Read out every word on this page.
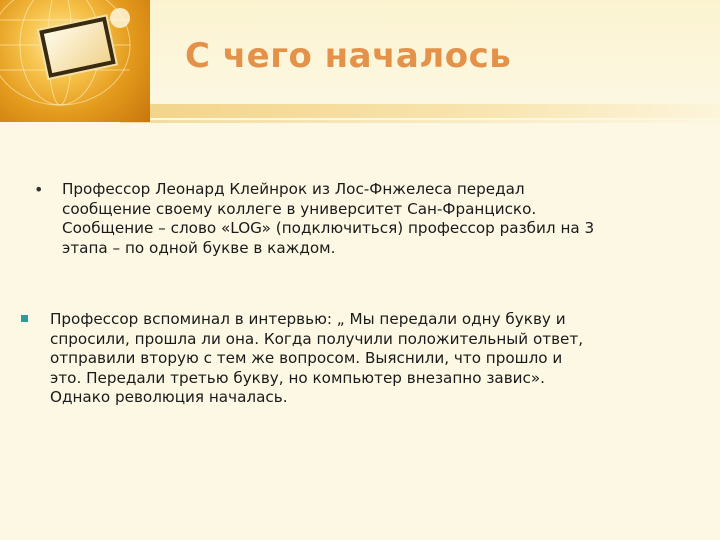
С чего началось
•	Профессор Леонард Клейнрок из Лос-Фнжелеса передал
сообщение своему коллеге в университет Сан-Франциско.
Сообщение – слово «LOG» (подключиться) профессор разбил на 3
этапа – по одной букве в каждом.
Профессор вспоминал в интервью: „ Мы передали одну букву и
спросили, прошла ли она. Когда получили положительный ответ,
отправили вторую с тем же вопросом. Выяснили, что прошло и
это. Передали третью букву, но компьютер внезапно завис».
Однако революция началась.
